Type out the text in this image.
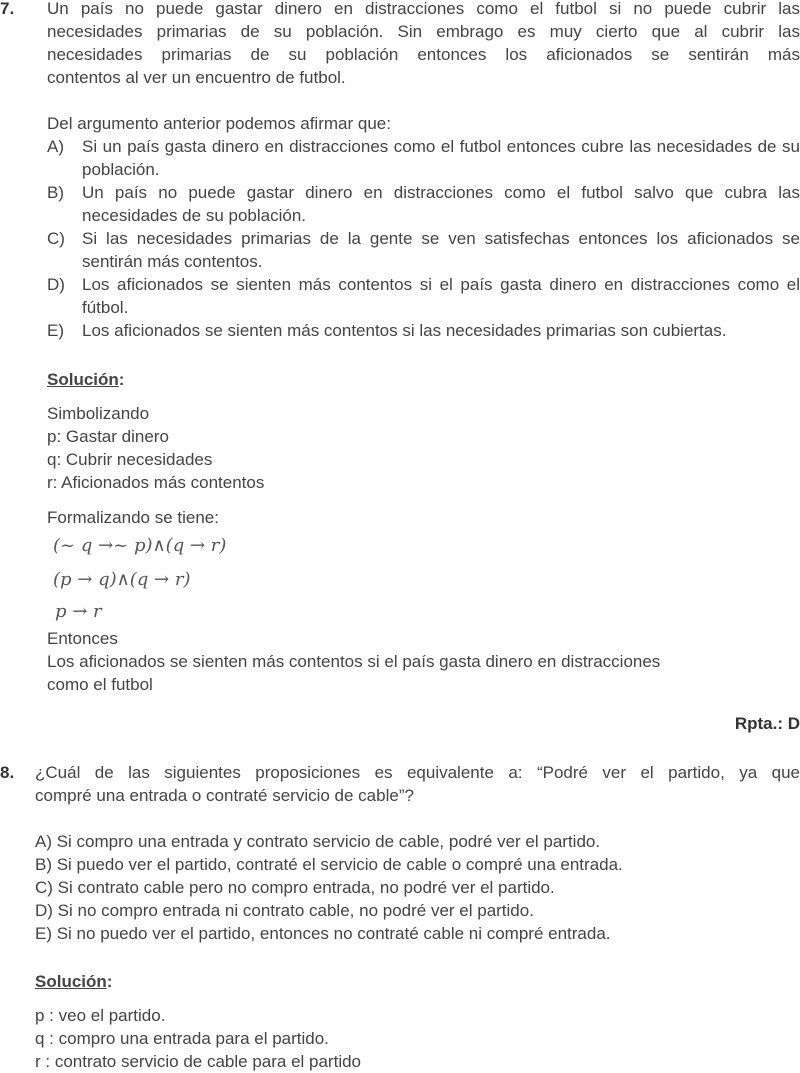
7. Un país no puede gastar dinero en distracciones como el futbol si no puede cubrir las

necesidades primarias de su población. Sin embrago es muy cierto que al cubrir las

necesidades primarias de su población entonces los aficionados se sentirán más

contentos al ver un encuentro de futbol.

Del argumento anterior podemos afirmar que:

A) Si un país gasta dinero en distracciones como el futbol entonces cubre las necesidades de su población.
B) Un país no puede gastar dinero en distracciones como el futbol salvo que cubra las necesidades de su población.
C) Si las necesidades primarias de la gente se ven satisfechas entonces los aficionados se sentirán más contentos.
D) Los aficionados se sienten más contentos si el país gasta dinero en distracciones como el fútbol.
E) Los aficionados se sienten más contentos si las necesidades primarias son cubiertas.

Solución:

Simbolizando

p: Gastar dinero

q: Cubrir necesidades

r: Aficionados más contentos

Formalizando se tiene:

(~ q →~ p)∧(q → r)
(p → q)∧(q → r)
p → r

Entonces

Los aficionados se sienten más contentos si el país gasta dinero en distracciones

como el futbol

Rpta.: D
8. ¿Cuál de las siguientes proposiciones es equivalente a: “Podré ver el partido, ya que

compré una entrada o contraté servicio de cable”?

A) Si compro una entrada y contrato servicio de cable, podré ver el partido.

B) Si puedo ver el partido, contraté el servicio de cable o compré una entrada.

C) Si contrato cable pero no compro entrada, no podré ver el partido.

D) Si no compro entrada ni contrato cable, no podré ver el partido.

E) Si no puedo ver el partido, entonces no contraté cable ni compré entrada.

Solución:

p : veo el partido.

q : compro una entrada para el partido.

r : contrato servicio de cable para el partido
